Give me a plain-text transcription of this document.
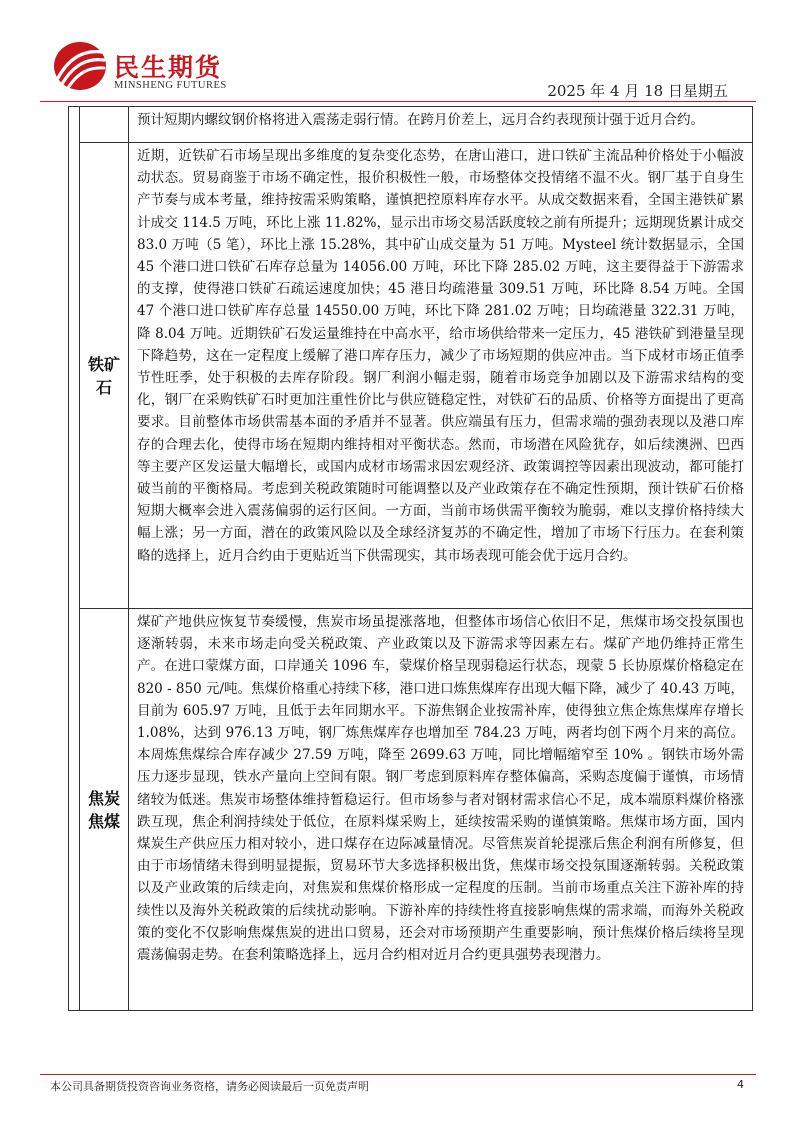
民生期货
MINSHENG FUTURES	2025 年 4 月 18 日星期五

		预计短期内螺纹钢价格将进入震荡走弱行情。在跨月价差上，远月合约表现预计强于近月合约。

	铁矿石	近期，近铁矿石市场呈现出多维度的复杂变化态势，在唐山港口，进口铁矿主流品种价格处于小幅波动状态。贸易商鉴于市场不确定性，报价积极性一般，市场整体交投情绪不温不火。钢厂基于自身生产节奏与成本考量，维持按需采购策略，谨慎把控原料库存水平。从成交数据来看，全国主港铁矿累计成交 114.5 万吨，环比上涨 11.82%，显示出市场交易活跃度较之前有所提升；远期现货累计成交 83.0 万吨（5 笔），环比上涨 15.28%，其中矿山成交量为 51 万吨。Mysteel 统计数据显示，全国 45 个港口进口铁矿石库存总量为 14056.00 万吨，环比下降 285.02 万吨，这主要得益于下游需求的支撑，使得港口铁矿石疏运速度加快；45 港日均疏港量 309.51 万吨，环比降 8.54 万吨。全国 47 个港口进口铁矿库存总量 14550.00 万吨，环比下降 281.02 万吨；日均疏港量 322.31 万吨，降 8.04 万吨。近期铁矿石发运量维持在中高水平，给市场供给带来一定压力，45 港铁矿到港量呈现下降趋势，这在一定程度上缓解了港口库存压力，减少了市场短期的供应冲击。当下成材市场正值季节性旺季，处于积极的去库存阶段。钢厂利润小幅走弱，随着市场竞争加剧以及下游需求结构的变化，钢厂在采购铁矿石时更加注重性价比与供应链稳定性，对铁矿石的品质、价格等方面提出了更高要求。目前整体市场供需基本面的矛盾并不显著。供应端虽有压力，但需求端的强劲表现以及港口库存的合理去化，使得市场在短期内维持相对平衡状态。然而，市场潜在风险犹存，如后续澳洲、巴西等主要产区发运量大幅增长，或国内成材市场需求因宏观经济、政策调控等因素出现波动，都可能打破当前的平衡格局。考虑到关税政策随时可能调整以及产业政策存在不确定性预期，预计铁矿石价格短期大概率会进入震荡偏弱的运行区间。一方面，当前市场供需平衡较为脆弱，难以支撑价格持续大幅上涨；另一方面，潜在的政策风险以及全球经济复苏的不确定性，增加了市场下行压力。在套利策略的选择上，近月合约由于更贴近当下供需现实，其市场表现可能会优于远月合约。

	焦炭焦煤	煤矿产地供应恢复节奏缓慢，焦炭市场虽提涨落地，但整体市场信心依旧不足，焦煤市场交投氛围也逐渐转弱，未来市场走向受关税政策、产业政策以及下游需求等因素左右。煤矿产地仍维持正常生产。在进口蒙煤方面，口岸通关 1096 车，蒙煤价格呈现弱稳运行状态，现蒙 5 长协原煤价格稳定在 820 - 850 元/吨。焦煤价格重心持续下移，港口进口炼焦煤库存出现大幅下降，减少了 40.43 万吨，目前为 605.97 万吨，且低于去年同期水平。下游焦钢企业按需补库，使得独立焦企炼焦煤库存增长 1.08%，达到 976.13 万吨，钢厂炼焦煤库存也增加至 784.23 万吨，两者均创下两个月来的高位。本周炼焦煤综合库存减少 27.59 万吨，降至 2699.63 万吨，同比增幅缩窄至 10% 。钢铁市场外需压力逐步显现，铁水产量向上空间有限。钢厂考虑到原料库存整体偏高，采购态度偏于谨慎，市场情绪较为低迷。焦炭市场整体维持暂稳运行。但市场参与者对钢材需求信心不足，成本端原料煤价格涨跌互现，焦企利润持续处于低位，在原料煤采购上，延续按需采购的谨慎策略。焦煤市场方面，国内煤炭生产供应压力相对较小，进口煤存在边际减量情况。尽管焦炭首轮提涨后焦企利润有所修复，但由于市场情绪未得到明显提振，贸易环节大多选择积极出货，焦煤市场交投氛围逐渐转弱。关税政策以及产业政策的后续走向，对焦炭和焦煤价格形成一定程度的压制。当前市场重点关注下游补库的持续性以及海外关税政策的后续扰动影响。下游补库的持续性将直接影响焦煤的需求端，而海外关税政策的变化不仅影响焦煤焦炭的进出口贸易，还会对市场预期产生重要影响，预计焦煤价格后续将呈现震荡偏弱走势。在套利策略选择上，远月合约相对近月合约更具强势表现潜力。

本公司具备期货投资咨询业务资格，请务必阅读最后一页免责声明	4
